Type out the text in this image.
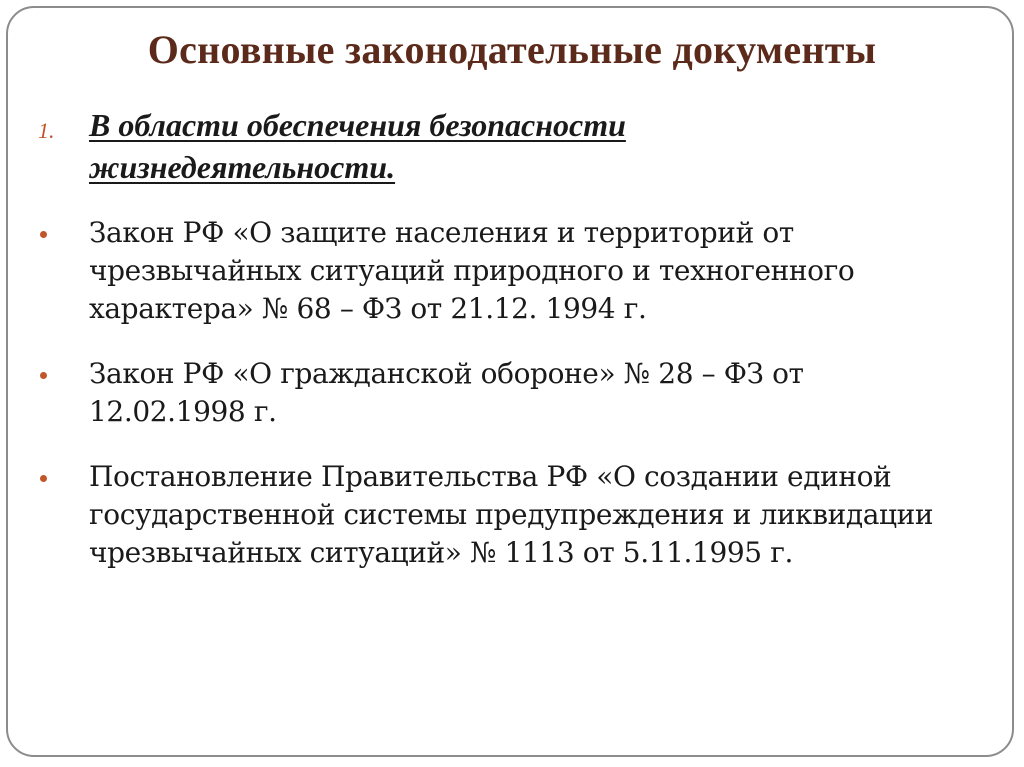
Основные законодательные документы
1. В области обеспечения безопасности
жизнедеятельности.

Закон РФ «О защите населения и территорий от
чрезвычайных ситуаций природного и техногенного
характера» № 68 – ФЗ от 21.12. 1994 г.

Закон РФ «О гражданской обороне» № 28 – ФЗ от
12.02.1998 г.

Постановление Правительства РФ «О создании единой
государственной системы предупреждения и ликвидации
чрезвычайных ситуаций» № 1113 от 5.11.1995 г.
